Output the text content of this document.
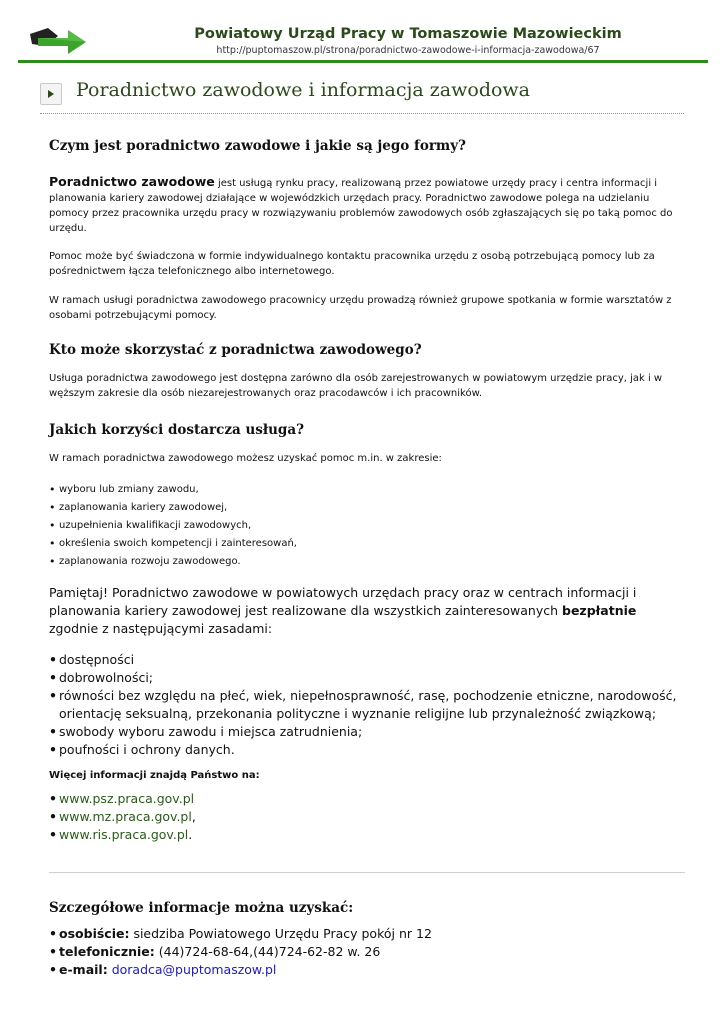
Powiatowy Urząd Pracy w Tomaszowie Mazowieckim
http://puptomaszow.pl/strona/poradnictwo-zawodowe-i-informacja-zawodowa/67
Poradnictwo zawodowe i informacja zawodowa
Czym jest poradnictwo zawodowe i jakie są jego formy?

Poradnictwo zawodowe jest usługą rynku pracy, realizowaną przez powiatowe urzędy pracy i centra informacji i planowania kariery zawodowej działające w wojewódzkich urzędach pracy. Poradnictwo zawodowe polega na udzielaniu pomocy przez pracownika urzędu pracy w rozwiązywaniu problemów zawodowych osób zgłaszających się po taką pomoc do urzędu.

Pomoc może być świadczona w formie indywidualnego kontaktu pracownika urzędu z osobą potrzebującą pomocy lub za pośrednictwem łącza telefonicznego albo internetowego.

W ramach usługi poradnictwa zawodowego pracownicy urzędu prowadzą również grupowe spotkania w formie warsztatów z osobami potrzebującymi pomocy.

Kto może skorzystać z poradnictwa zawodowego?

Usługa poradnictwa zawodowego jest dostępna zarówno dla osób zarejestrowanych w powiatowym urzędzie pracy, jak i w węższym zakresie dla osób niezarejestrowanych oraz pracodawców i ich pracowników.

Jakich korzyści dostarcza usługa?

W ramach poradnictwa zawodowego możesz uzyskać pomoc m.in. w zakresie:

• wyboru lub zmiany zawodu,
• zaplanowania kariery zawodowej,
• uzupełnienia kwalifikacji zawodowych,
• określenia swoich kompetencji i zainteresowań,
• zaplanowania rozwoju zawodowego.

Pamiętaj! Poradnictwo zawodowe w powiatowych urzędach pracy oraz w centrach informacji i planowania kariery zawodowej jest realizowane dla wszystkich zainteresowanych bezpłatnie zgodnie z następującymi zasadami:

• dostępności
• dobrowolności;
• równości bez względu na płeć, wiek, niepełnosprawność, rasę, pochodzenie etniczne, narodowość, orientację seksualną, przekonania polityczne i wyznanie religijne lub przynależność związkową;
• swobody wyboru zawodu i miejsca zatrudnienia;
• poufności i ochrony danych.

Więcej informacji znajdą Państwo na:

• www.psz.praca.gov.pl
• www.mz.praca.gov.pl,
• www.ris.praca.gov.pl.
Szczegółowe informacje można uzyskać:
• osobiście: siedziba Powiatowego Urzędu Pracy pokój nr 12
• telefonicznie: (44)724-68-64,(44)724-62-82 w. 26
• e-mail: doradca@puptomaszow.pl
